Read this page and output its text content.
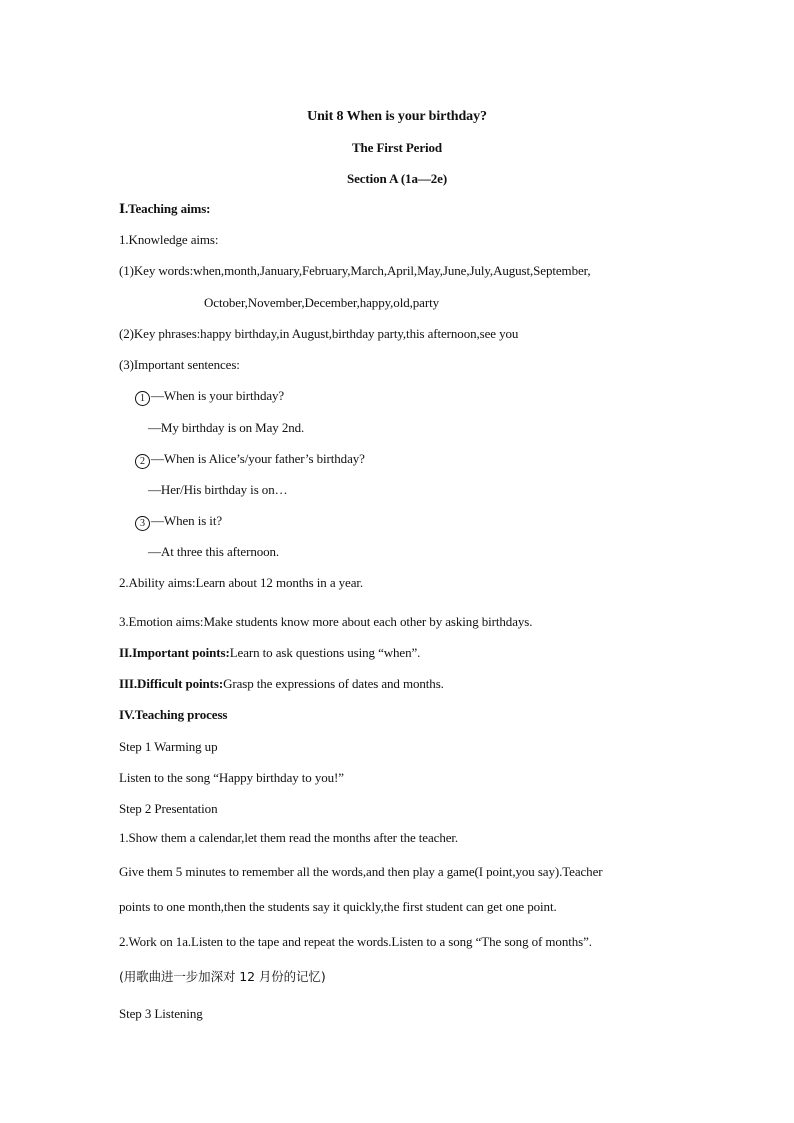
Unit 8 When is your birthday?
The First Period
Section A (1a—2e)
Ⅰ.Teaching aims:
1.Knowledge aims:
(1)Key words:when,month,January,February,March,April,May,June,July,August,September,
October,November,December,happy,old,party
(2)Key phrases:happy birthday,in August,birthday party,this afternoon,see you
(3)Important sentences:
1 —When is your birthday?
—My birthday is on May 2nd.
2 —When is Alice’s/your father’s birthday?
—Her/His birthday is on…
3 —When is it?
—At three this afternoon.
2.Ability aims:Learn about 12 months in a year.
3.Emotion aims:Make students know more about each other by asking birthdays.
II.Important points:Learn to ask questions using “when”.
III.Difficult points:Grasp the expressions of dates and months.
IV.Teaching process
Step 1 Warming up
Listen to the song “Happy birthday to you!”
Step 2 Presentation
1.Show them a calendar,let them read the months after the teacher.
Give them 5 minutes to remember all the words,and then play a game(I point,you say).Teacher
points to one month,then the students say it quickly,the first student can get one point.
2.Work on 1a.Listen to the tape and repeat the words.Listen to a song “The song of months”.
(用歌曲进一步加深对 12 月份的记忆)
Step 3 Listening
